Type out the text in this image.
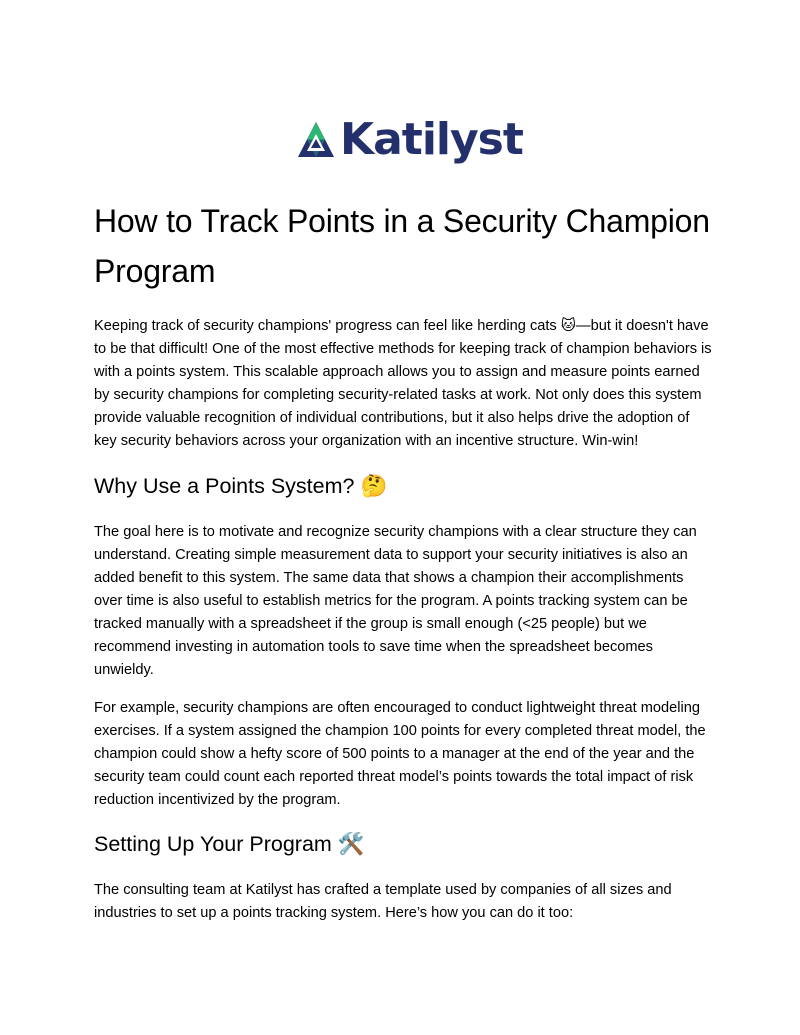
Katilyst
How to Track Points in a Security Champion Program

Keeping track of security champions' progress can feel like herding cats 🐱—but it doesn't have to be that difficult! One of the most effective methods for keeping track of champion behaviors is with a points system. This scalable approach allows you to assign and measure points earned by security champions for completing security-related tasks at work. Not only does this system provide valuable recognition of individual contributions, but it also helps drive the adoption of key security behaviors across your organization with an incentive structure. Win-win!

Why Use a Points System? 🤔

The goal here is to motivate and recognize security champions with a clear structure they can understand. Creating simple measurement data to support your security initiatives is also an added benefit to this system. The same data that shows a champion their accomplishments over time is also useful to establish metrics for the program. A points tracking system can be tracked manually with a spreadsheet if the group is small enough (<25 people) but we recommend investing in automation tools to save time when the spreadsheet becomes unwieldy.

For example, security champions are often encouraged to conduct lightweight threat modeling exercises. If a system assigned the champion 100 points for every completed threat model, the champion could show a hefty score of 500 points to a manager at the end of the year and the security team could count each reported threat model’s points towards the total impact of risk reduction incentivized by the program.

Setting Up Your Program 🛠️

The consulting team at Katilyst has crafted a template used by companies of all sizes and industries to set up a points tracking system. Here’s how you can do it too:
